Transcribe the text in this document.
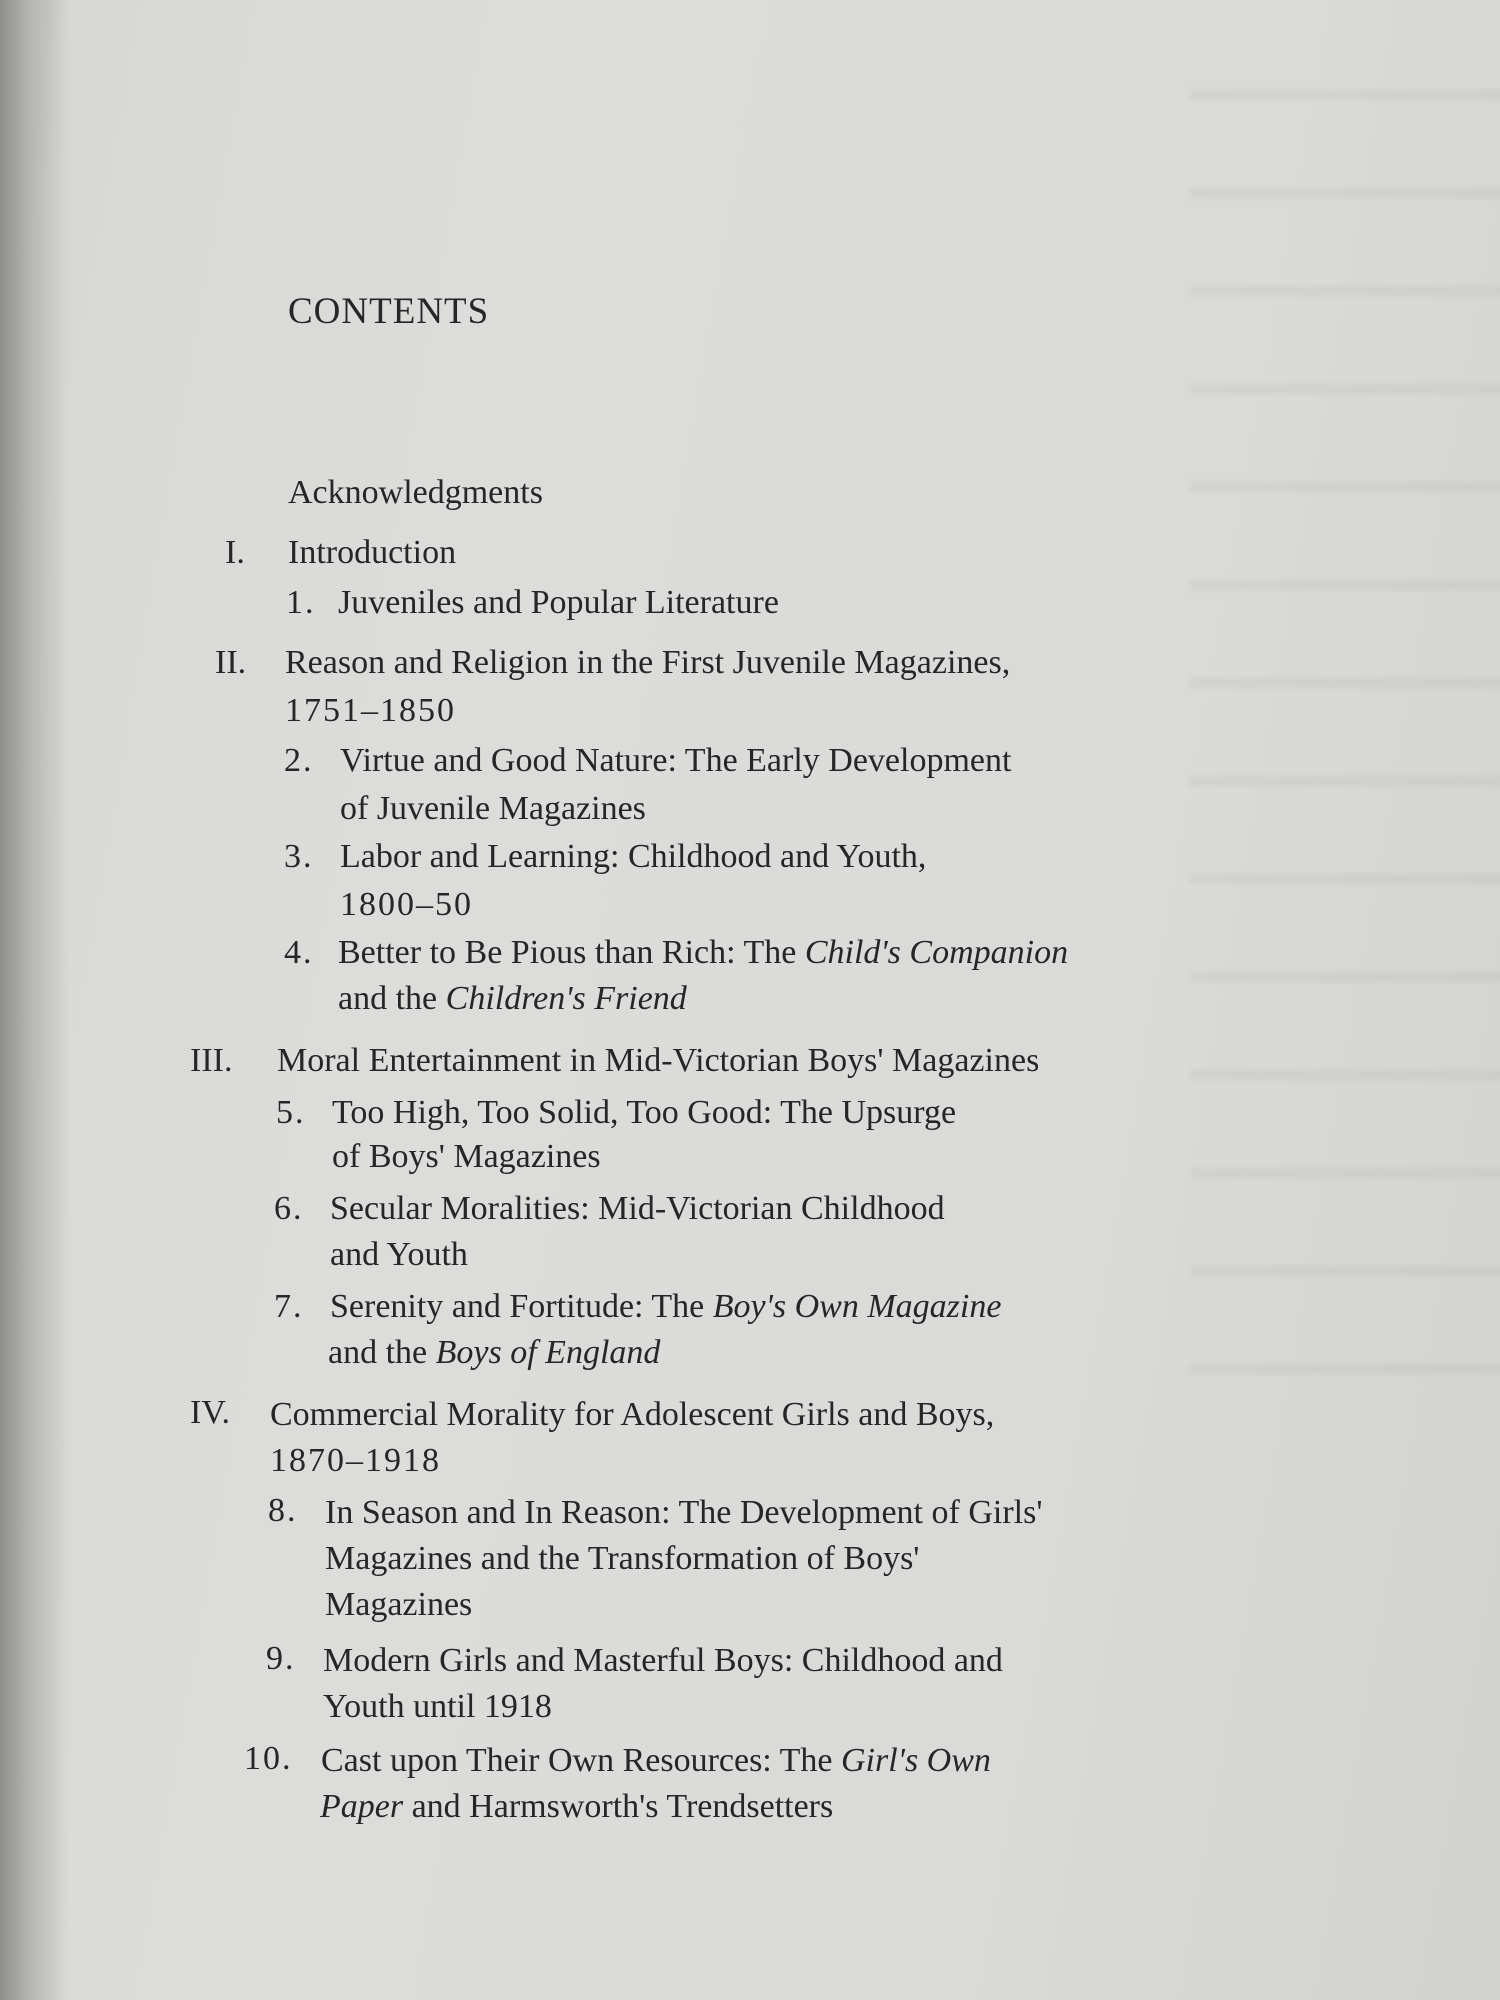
CONTENTS
Acknowledgments
I.	Introduction
1. Juveniles and Popular Literature
II. Reason and Religion in the First Juvenile Magazines,
1751–1850
2. Virtue and Good Nature: The Early Development
of Juvenile Magazines
3. Labor and Learning: Childhood and Youth,
1800–50
4. Better to Be Pious than Rich: The Child's Companion
and the Children's Friend
III. Moral Entertainment in Mid-Victorian Boys' Magazines
5. Too High, Too Solid, Too Good: The Upsurge
of Boys' Magazines
6. Secular Moralities: Mid-Victorian Childhood
and Youth
7. Serenity and Fortitude: The Boy's Own Magazine
and the Boys of England
IV. Commercial Morality for Adolescent Girls and Boys,
1870–1918
8. In Season and In Reason: The Development of Girls'
Magazines and the Transformation of Boys'
Magazines
9. Modern Girls and Masterful Boys: Childhood and
Youth until 1918
10. Cast upon Their Own Resources: The Girl's Own
Paper and Harmsworth's Trendsetters
